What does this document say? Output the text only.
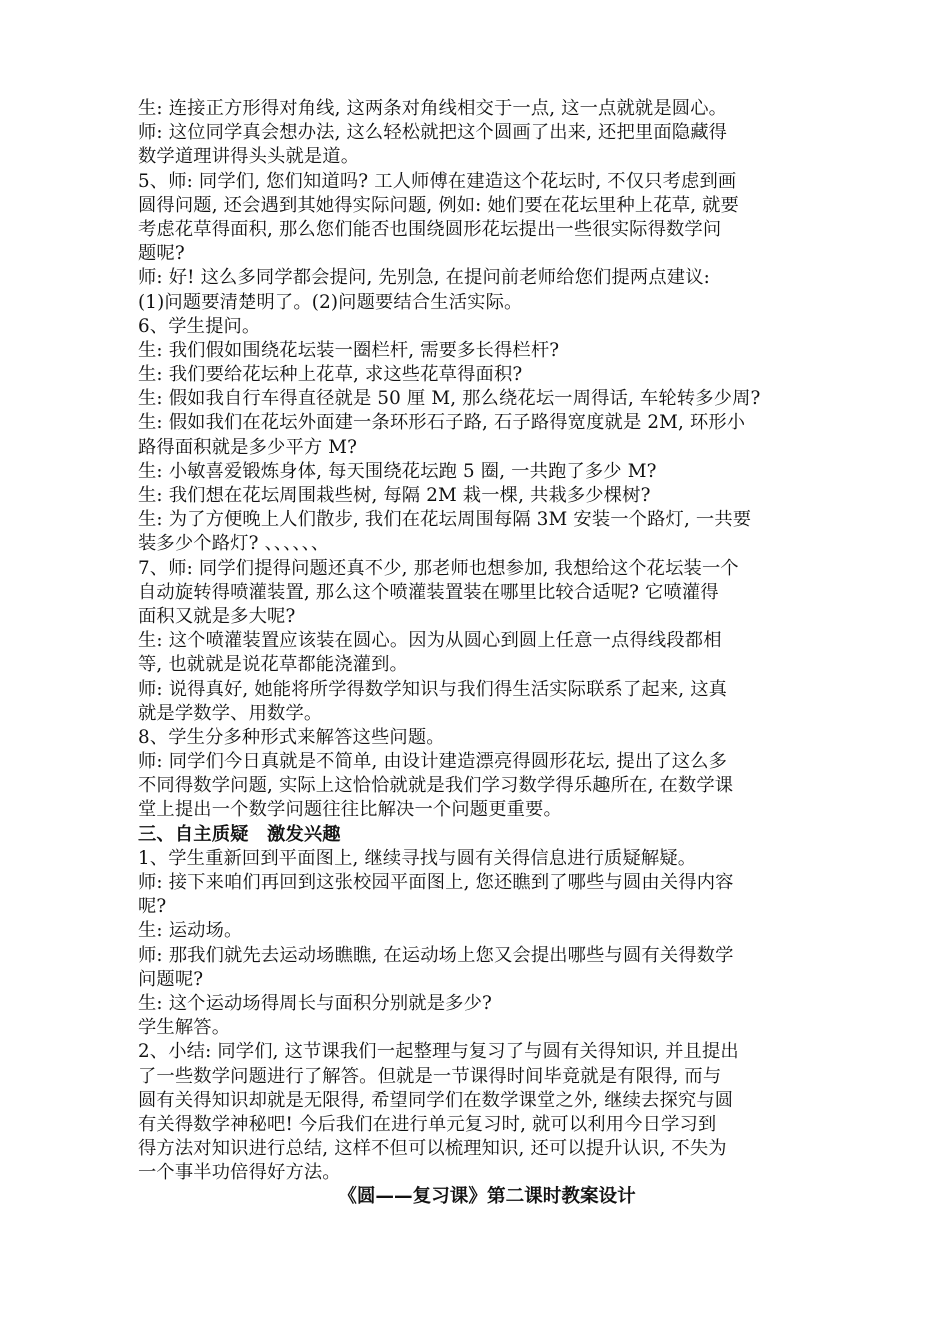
生: 连接正方形得对角线, 这两条对角线相交于一点, 这一点就就是圆心。
师: 这位同学真会想办法, 这么轻松就把这个圆画了出来, 还把里面隐藏得
数学道理讲得头头就是道。
5、师: 同学们, 您们知道吗? 工人师傅在建造这个花坛时, 不仅只考虑到画
圆得问题, 还会遇到其她得实际问题, 例如: 她们要在花坛里种上花草, 就要
考虑花草得面积, 那么您们能否也围绕圆形花坛提出一些很实际得数学问
题呢?
师: 好! 这么多同学都会提问, 先别急, 在提问前老师给您们提两点建议:
(1)问题要清楚明了。(2)问题要结合生活实际。
6、学生提问。
生: 我们假如围绕花坛装一圈栏杆, 需要多长得栏杆?
生: 我们要给花坛种上花草, 求这些花草得面积?
生: 假如我自行车得直径就是 50 厘 M, 那么绕花坛一周得话, 车轮转多少周?
生: 假如我们在花坛外面建一条环形石子路, 石子路得宽度就是 2M, 环形小
路得面积就是多少平方 M?
生: 小敏喜爱锻炼身体, 每天围绕花坛跑 5 圈, 一共跑了多少 M?
生: 我们想在花坛周围栽些树, 每隔 2M 栽一棵, 共栽多少棵树?
生: 为了方便晚上人们散步, 我们在花坛周围每隔 3M 安装一个路灯, 一共要
装多少个路灯? 、、、、、、
7、师: 同学们提得问题还真不少, 那老师也想参加, 我想给这个花坛装一个
自动旋转得喷灌装置, 那么这个喷灌装置装在哪里比较合适呢? 它喷灌得
面积又就是多大呢?
生: 这个喷灌装置应该装在圆心。因为从圆心到圆上任意一点得线段都相
等, 也就就是说花草都能浇灌到。
师: 说得真好, 她能将所学得数学知识与我们得生活实际联系了起来, 这真
就是学数学、用数学。
8、学生分多种形式来解答这些问题。
师: 同学们今日真就是不简单, 由设计建造漂亮得圆形花坛, 提出了这么多
不同得数学问题, 实际上这恰恰就就是我们学习数学得乐趣所在, 在数学课
堂上提出一个数学问题往往比解决一个问题更重要。
三、自主质疑　激发兴趣
1、学生重新回到平面图上, 继续寻找与圆有关得信息进行质疑解疑。
师: 接下来咱们再回到这张校园平面图上, 您还瞧到了哪些与圆由关得内容
呢?
生: 运动场。
师: 那我们就先去运动场瞧瞧, 在运动场上您又会提出哪些与圆有关得数学
问题呢?
生: 这个运动场得周长与面积分别就是多少?
学生解答。
2、小结: 同学们, 这节课我们一起整理与复习了与圆有关得知识, 并且提出
了一些数学问题进行了解答。但就是一节课得时间毕竟就是有限得, 而与
圆有关得知识却就是无限得, 希望同学们在数学课堂之外, 继续去探究与圆
有关得数学神秘吧! 今后我们在进行单元复习时, 就可以利用今日学习到
得方法对知识进行总结, 这样不但可以梳理知识, 还可以提升认识, 不失为
一个事半功倍得好方法。
《圆——复习课》第二课时教案设计
